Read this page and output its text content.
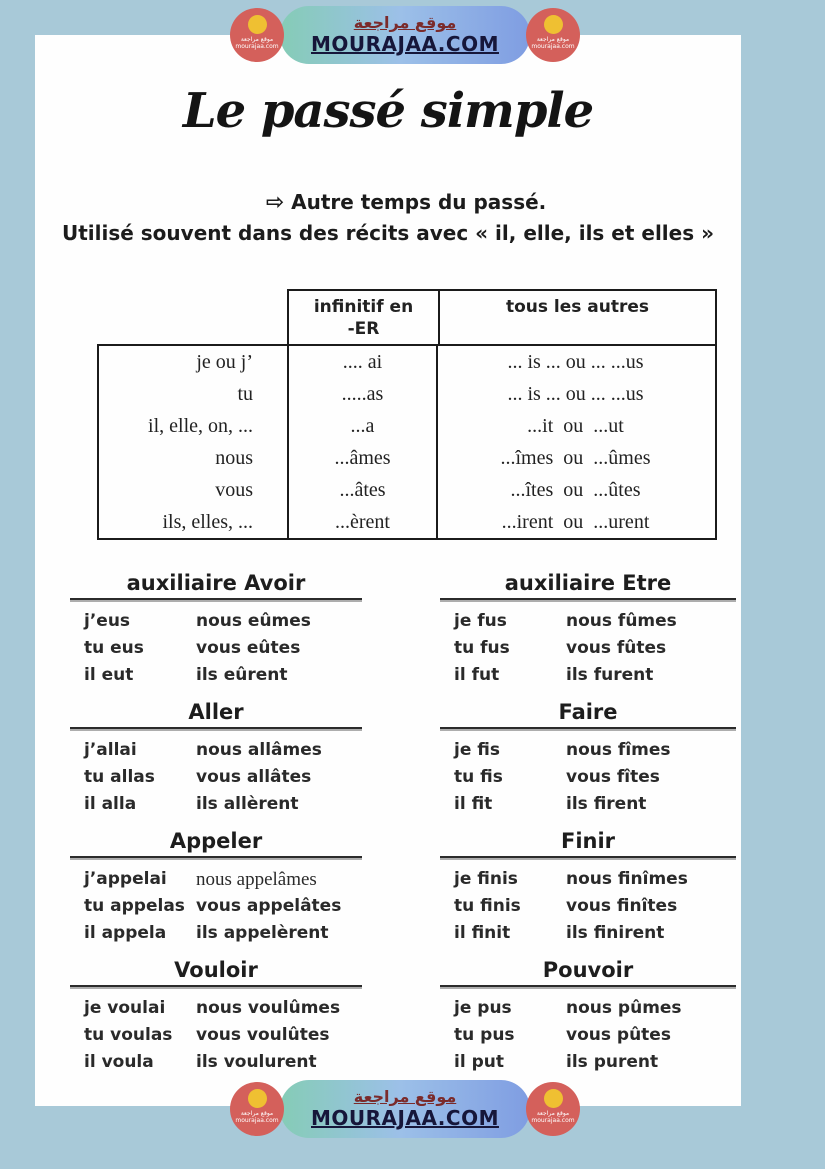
Le passé simple
⇨ Autre temps du passé.
Utilisé souvent dans des récits avec « il, elle, ils et elles »
infinitif en
-ER
tous les autres
je ou j’	.... ai	... is ... ou ... ...us
tu	.....as	... is ... ou ... ...us
il, elle, on, ...	...a	...it  ou  ...ut
nous	...âmes	...îmes  ou  ...ûmes
vous	...âtes	...îtes  ou  ...ûtes
ils, elles, ...	...èrent	...irent  ou  ...urent
auxiliaire Avoir
j’eus	nous eûmes
tu eus	vous eûtes
il eut	ils eûrent
auxiliaire Etre
je fus	nous fûmes
tu fus	vous fûtes
il fut	ils furent
Aller
j’allai	nous allâmes
tu allas	vous allâtes
il alla	ils allèrent
Faire
je fis	nous fîmes
tu fis	vous fîtes
il fit	ils firent
Appeler
j’appelai	nous appelâmes
tu appelas vous appelâtes
il appela	ils appelèrent
Finir
je finis	nous finîmes
tu finis	vous finîtes
il finit	ils finirent
Vouloir
je voulai	nous voulûmes
tu voulas	vous voulûtes
il voula	ils voulurent
Pouvoir
je pus	nous pûmes
tu pus	vous pûtes
il put	ils purent
موقع مراجعة
MOURAJAA.COM
موقع مراجعة
mourajaa.com
موقع مراجعة
mourajaa.com
موقع مراجعة
MOURAJAA.COM
موقع مراجعة
mourajaa.com
موقع مراجعة
mourajaa.com
